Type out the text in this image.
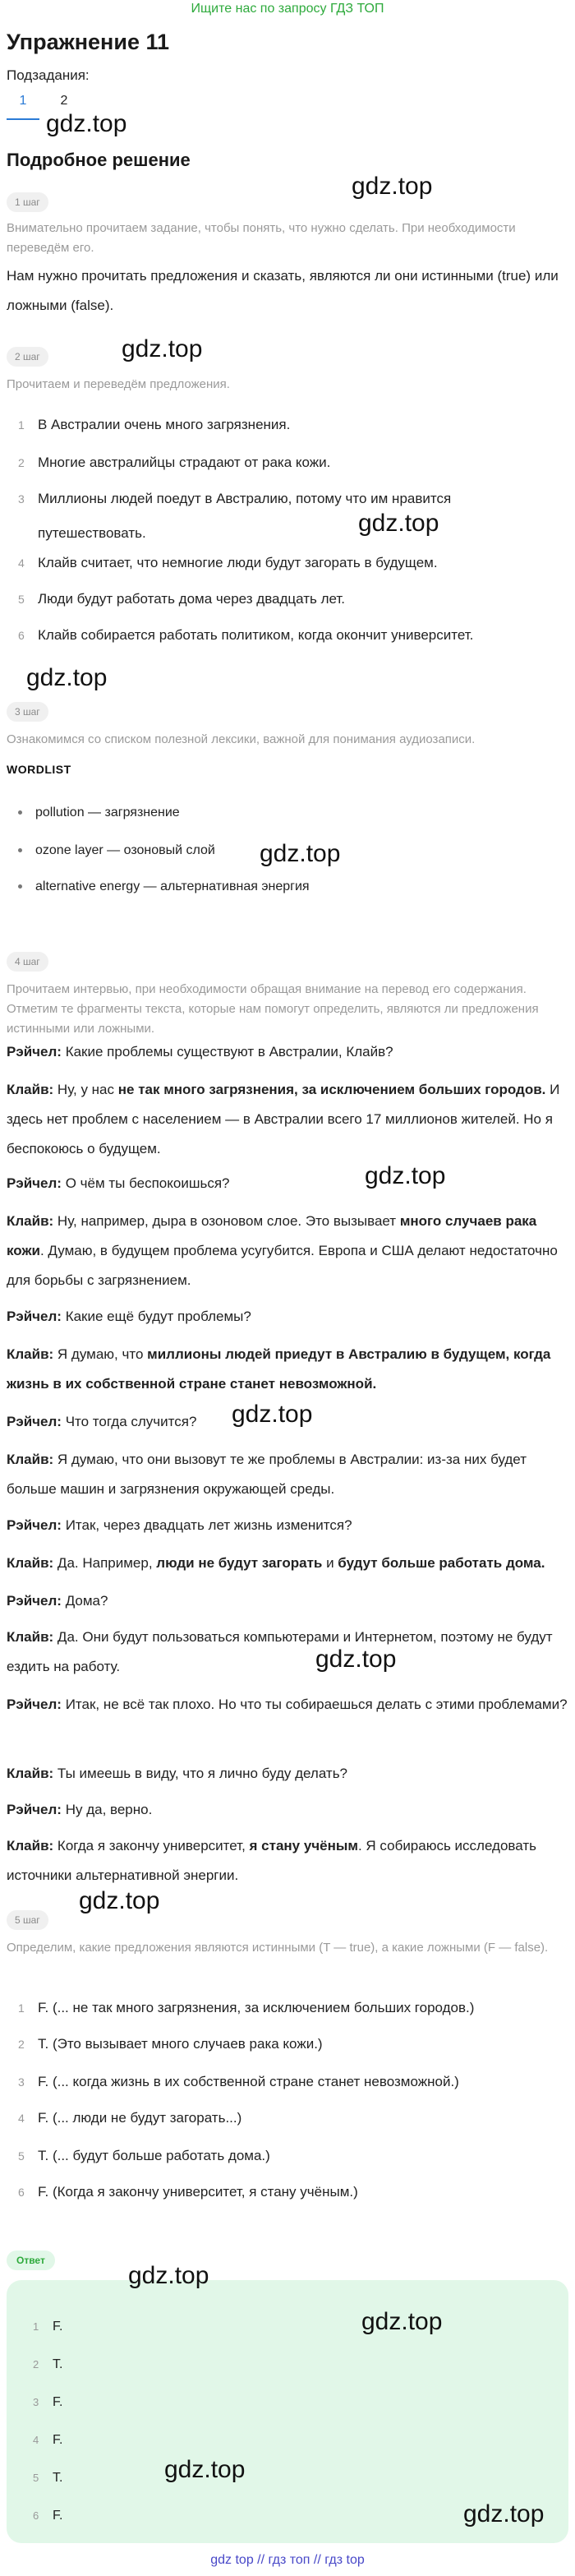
Ищите нас по запросу ГДЗ ТОП
Упражнение 11
Подзадания:
1	2
gdz.top
Подробное решение
gdz.top
1 шаг
Внимательно прочитаем задание, чтобы понять, что нужно сделать. При необходимости переведём его.
Нам нужно прочитать предложения и сказать, являются ли они истинными (true) или ложными (false).
gdz.top
2 шаг
Прочитаем и переведём предложения.
1 В Австралии очень много загрязнения.
2 Многие австралийцы страдают от рака кожи.
3 Миллионы людей поедут в Австралию, потому что им нравится путешествовать.	gdz.top
4 Клайв считает, что немногие люди будут загорать в будущем.
5 Люди будут работать дома через двадцать лет.
6 Клайв собирается работать политиком, когда окончит университет.
gdz.top
3 шаг
Ознакомимся со списком полезной лексики, важной для понимания аудиозаписи.
WORDLIST
pollution — загрязнение
ozone layer — озоновый слой gdz.top
alternative energy — альтернативная энергия
4 шаг
Прочитаем интервью, при необходимости обращая внимание на перевод его содержания. Отметим те фрагменты текста, которые нам помогут определить, являются ли предложения истинными или ложными.
Рэйчел: Какие проблемы существуют в Австралии, Клайв?
Клайв: Ну, у нас не так много загрязнения, за исключением больших городов. И здесь нет проблем с населением — в Австралии всего 17 миллионов жителей. Но я беспокоюсь о будущем.
Рэйчел: О чём ты беспокоишься?	gdz.top
Клайв: Ну, например, дыра в озоновом слое. Это вызывает много случаев рака кожи. Думаю, в будущем проблема усугубится. Европа и США делают недостаточно для борьбы с загрязнением.
Рэйчел: Какие ещё будут проблемы?
Клайв: Я думаю, что миллионы людей приедут в Австралию в будущем, когда жизнь в их собственной стране станет невозможной.
Рэйчел: Что тогда случится?	gdz.top
Клайв: Я думаю, что они вызовут те же проблемы в Австралии: из-за них будет больше машин и загрязнения окружающей среды.
Рэйчел: Итак, через двадцать лет жизнь изменится?
Клайв: Да. Например, люди не будут загорать и будут больше работать дома.
Рэйчел: Дома?
Клайв: Да. Они будут пользоваться компьютерами и Интернетом, поэтому не будут ездить на работу.	gdz.top
Рэйчел: Итак, не всё так плохо. Но что ты собираешься делать с этими проблемами?
Клайв: Ты имеешь в виду, что я лично буду делать?
Рэйчел: Ну да, верно.
Клайв: Когда я закончу университет, я стану учёным. Я собираюсь исследовать источники альтернативной энергии.
gdz.top
5 шаг
Определим, какие предложения являются истинными (T — true), а какие ложными (F — false).
1 F. (... не так много загрязнения, за исключением больших городов.)
2 T. (Это вызывает много случаев рака кожи.)
3 F. (... когда жизнь в их собственной стране станет невозможной.)
4 F. (... люди не будут загорать...)
5 T. (... будут больше работать дома.)
6 F. (Когда я закончу университет, я стану учёным.)
Ответ
gdz.top
1 F.	gdz.top
2 T.
3 F.
4 F.
gdz.top
5 T.
6 F.	gdz.top
gdz top // гдз топ // гдз top
